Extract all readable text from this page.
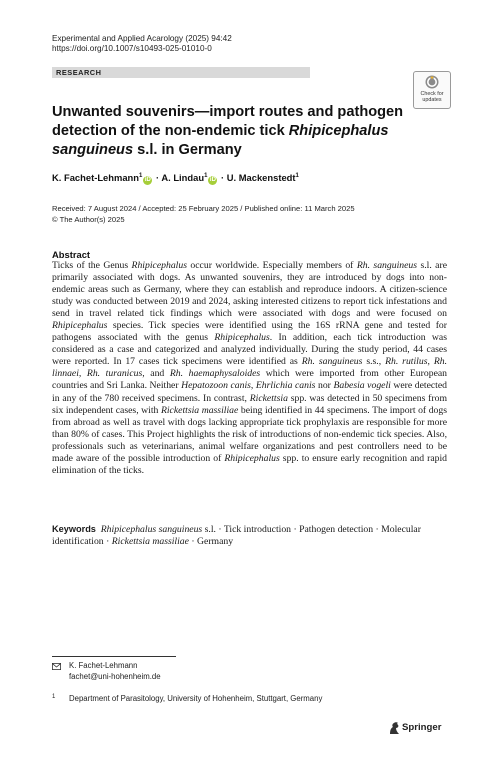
Experimental and Applied Acarology (2025) 94:42
https://doi.org/10.1007/s10493-025-01010-0
RESEARCH
Check for
updates
Unwanted souvenirs—import routes and pathogen detection of the non-endemic tick Rhipicephalus sanguineus s.l. in Germany
K. Fachet-Lehmann$^1$iD · A. Lindau$^1$iD · U. Mackenstedt$^1$
Received: 7 August 2024 / Accepted: 25 February 2025 / Published online: 11 March 2025
© The Author(s) 2025
Abstract

Ticks of the Genus Rhipicephalus occur worldwide. Especially members of Rh. sanguineus s.l. are primarily associated with dogs. As unwanted souvenirs, they are introduced by dogs into non-endemic areas such as Germany, where they can establish and reproduce indoors. A citizen-science study was conducted between 2019 and 2024, asking interested citizens to report tick infestations and send in travel related tick findings which were associated with dogs and were focused on Rhipicephalus species. Tick species were identified using the 16S rRNA gene and tested for pathogens associated with the genus Rhipicephalus. In addition, each tick introduction was considered as a case and categorized and analyzed individually. During the study period, 44 cases were reported. In 17 cases tick specimens were identified as Rh. sanguineus s.s., Rh. rutilus, Rh. linnaei, Rh. turanicus, and Rh. haemaphysaloides which were imported from other European countries and Sri Lanka. Neither Hepatozoon canis, Ehrlichia canis nor Babesia vogeli were detected in any of the 780 received specimens. In contrast, Rickettsia spp. was detected in 50 specimens from six independent cases, with Rickettsia massiliae being identified in 44 specimens. The import of dogs from abroad as well as travel with dogs lacking appropriate tick prophylaxis are responsible for more than 80% of cases. This Project highlights the risk of introductions of non-endemic tick species. Also, professionals such as veterinarians, animal welfare organizations and pest controllers need to be made aware of the possible introduction of Rhipicephalus spp. to ensure early recognition and rapid elimination of the ticks.

Keywords Rhipicephalus sanguineus s.l. · Tick introduction · Pathogen detection · Molecular identification · Rickettsia massiliae · Germany
K. Fachet-Lehmann
fachet@uni-hohenheim.de
1 Department of Parasitology, University of Hohenheim, Stuttgart, Germany
Springer
